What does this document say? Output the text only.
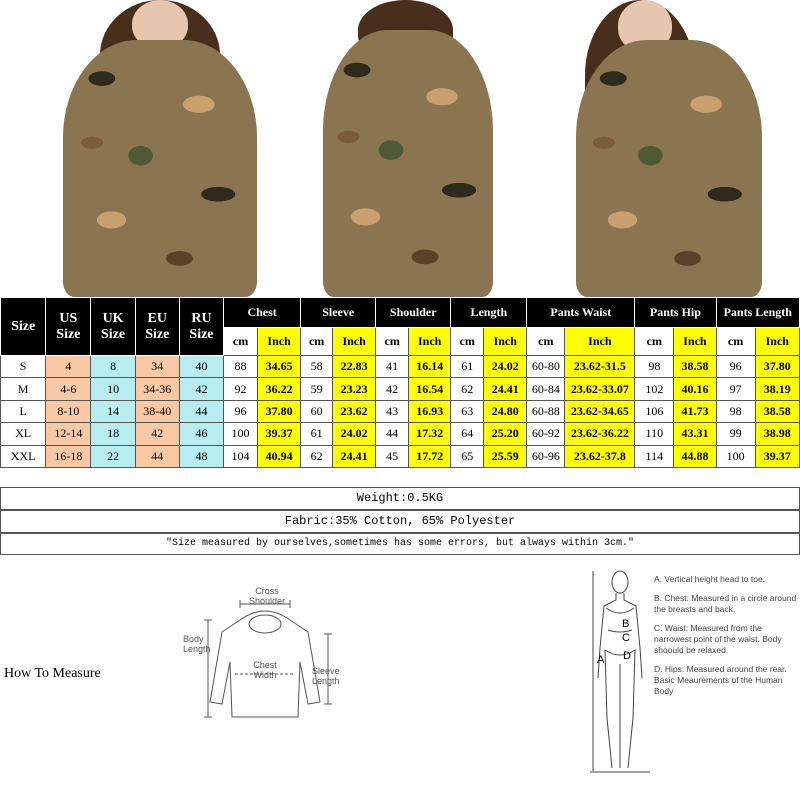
Size	US Size	UK Size	EU Size	RU Size	Chest		Sleeve		Shoulder		Length		Pants Waist		Pants Hip		Pants Length	
					cm	Inch	cm	Inch	cm	Inch	cm	Inch	cm	Inch	cm	Inch	cm	Inch
S	4	8	34	40	88	34.65	58	22.83	41	16.14	61	24.02	60-80	23.62-31.5	98	38.58	96	37.80
M	4-6	10	34-36	42	92	36.22	59	23.23	42	16.54	62	24.41	60-84	23.62-33.07	102	40.16	97	38.19
L	8-10	14	38-40	44	96	37.80	60	23.62	43	16.93	63	24.80	60-88	23.62-34.65	106	41.73	98	38.58
XL	12-14	18	42	46	100	39.37	61	24.02	44	17.32	64	25.20	60-92	23.62-36.22	110	43.31	99	38.98
XXL	16-18	22	44	48	104	40.94	62	24.41	45	17.72	65	25.59	60-96	23.62-37.8	114	44.88	100	39.37
Weight:0.5KG
Fabric:35% Cotton, 65% Polyester
"Size measured by ourselves,sometimes has some errors, but always within 3cm."
How To Measure
Cross Shoulder
Body Length
Chest Width	Sleeve Length
A
B
C
D
A. Vertical height head to toe.
B. Chest: Measured in a circle around the breasts and back.
C. Waist: Measured from the narrowest point of the waist. Body shoould be relaxed.
D. Hips: Measured around the rear. Basic Meaurements of the Human Body
